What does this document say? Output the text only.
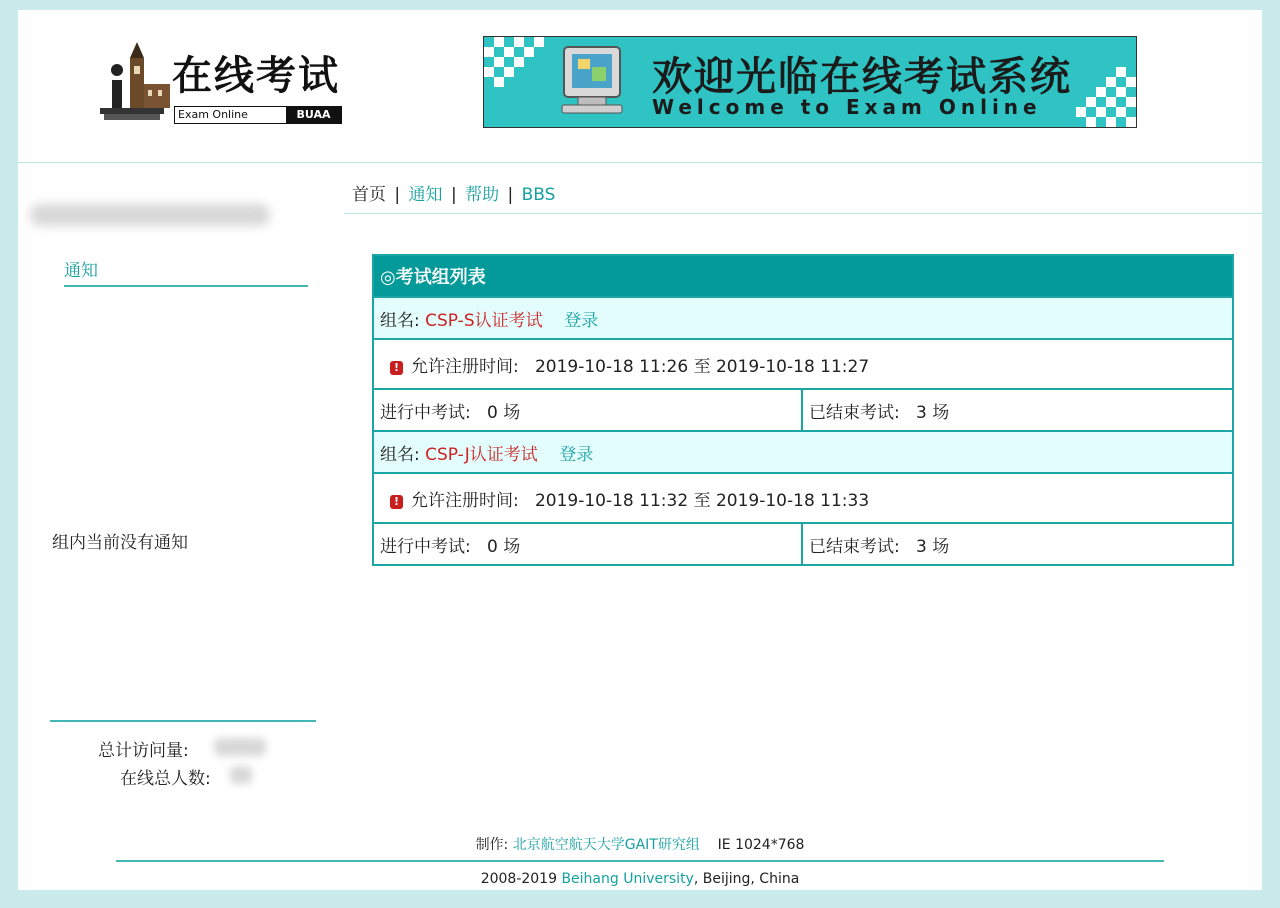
在线考试
Exam Online	BUAA
欢迎光临在线考试系统
Welcome to Exam Online
首页 | 通知 | 帮助 | BBS
通知
组内当前没有通知
总计访问量:
在线总人数:
◎考试组列表	
组名: CSP-S认证考试 登录	
! 允许注册时间: 2019-10-18 11:26 至 2019-10-18 11:27	
进行中考试: 0 场	已结束考试: 3 场
组名: CSP-J认证考试 登录	
! 允许注册时间: 2019-10-18 11:32 至 2019-10-18 11:33	
进行中考试: 0 场	已结束考试: 3 场
制作: 北京航空航天大学GAIT研究组 IE 1024*768
2008-2019 Beihang University, Beijing, China
